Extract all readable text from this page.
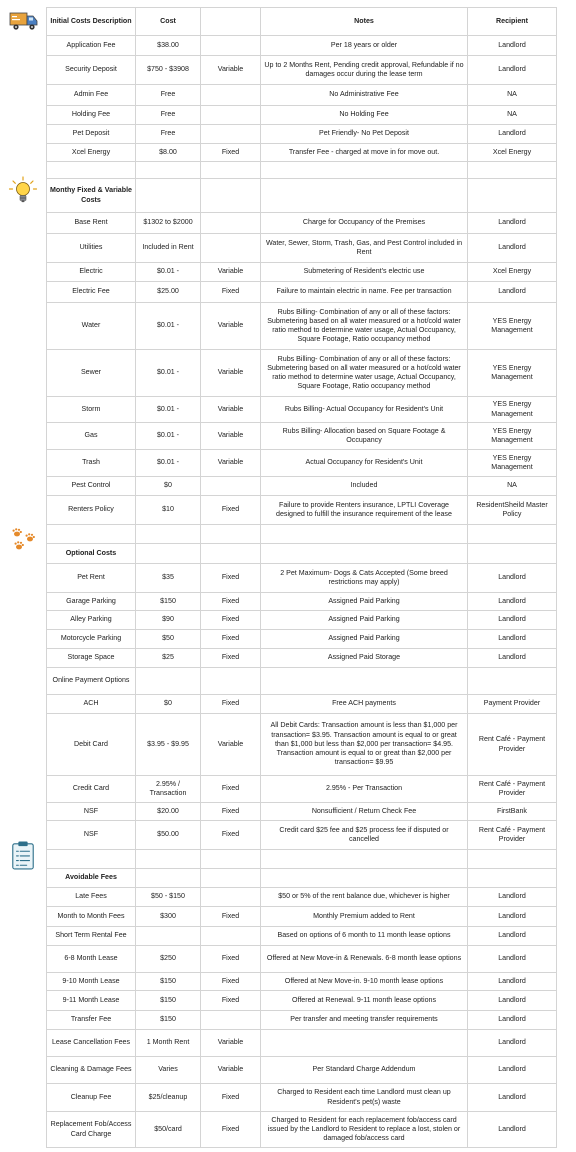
Initial Costs Description	Cost		Notes	Recipient
Application Fee	$38.00		Per 18 years or older	Landlord
Security Deposit	$750 - $3908	Variable	Up to 2 Months Rent, Pending credit approval, Refundable if no damages occur during the lease term	Landlord
Admin Fee	Free		No Administrative Fee	NA
Holding Fee	Free		No Holding Fee	NA
Pet Deposit	Free		Pet Friendly- No Pet Deposit	Landlord
Xcel Energy	$8.00	Fixed	Transfer Fee - charged at move in for move out.	Xcel Energy

Monthy Fixed & Variable Costs				
Base Rent	$1302 to $2000		Charge for Occupancy of the Premises	Landlord
Utilities	Included in Rent		Water, Sewer, Storm, Trash, Gas, and Pest Control included in Rent	Landlord
Electric	$0.01 -	Variable	Submetering of Resident's electric use	Xcel Energy
Electric Fee	$25.00	Fixed	Failure to maintain electric in name. Fee per transaction	Landlord
Water	$0.01 -	Variable	Rubs Billing- Combination of any or all of these factors: Submetering based on all water measured or a hot/cold water ratio method to determine water usage, Actual Occupancy, Square Footage, Ratio occupancy method	YES Energy Management
Sewer	$0.01 -	Variable	Rubs Billing- Combination of any or all of these factors: Submetering based on all water measured or a hot/cold water ratio method to determine water usage, Actual Occupancy, Square Footage, Ratio occupancy method	YES Energy Management
Storm	$0.01 -	Variable	Rubs Billing- Actual Occupancy for Resident's Unit	YES Energy Management
Gas	$0.01 -	Variable	Rubs Billing- Allocation based on Square Footage & Occupancy	YES Energy Management
Trash	$0.01 -	Variable	Actual Occupancy for Resident's Unit	YES Energy Management
Pest Control	$0		Included	NA
Renters Policy	$10	Fixed	Failure to provide Renters insurance, LPTLI Coverage designed to fulfill the insurance requirement of the lease	ResidentSheild Master Policy

Optional Costs				
Pet Rent	$35	Fixed	2 Pet Maximum- Dogs & Cats Accepted (Some breed restrictions may apply)	Landlord
Garage Parking	$150	Fixed	Assigned Paid Parking	Landlord
Alley Parking	$90	Fixed	Assigned Paid Parking	Landlord
Motorcycle Parking	$50	Fixed	Assigned Paid Parking	Landlord
Storage Space	$25	Fixed	Assigned Paid Storage	Landlord
Online Payment Options				
ACH	$0	Fixed	Free ACH payments	Payment Provider
Debit Card	$3.95 - $9.95	Variable	All Debit Cards: Transaction amount is less than $1,000 per transaction= $3.95. Transaction amount is equal to or great than $1,000 but less than $2,000 per transaction= $4.95. Transaction amount is equal to or great than $2,000 per transaction= $9.95	Rent Café - Payment Provider
Credit Card	2.95% / Transaction	Fixed	2.95% - Per Transaction	Rent Café - Payment Provider
NSF	$20.00	Fixed	Nonsufficient / Return Check Fee	FirstBank
NSF	$50.00	Fixed	Credit card $25 fee and $25 process fee if disputed or cancelled	Rent Café - Payment Provider

Avoidable Fees				
Late Fees	$50 - $150		$50 or 5% of the rent balance due, whichever is higher	Landlord
Month to Month Fees	$300	Fixed	Monthly Premium added to Rent	Landlord
Short Term Rental Fee			Based on options of 6 month to 11 month lease options	Landlord
6-8 Month Lease	$250	Fixed	Offered at New Move-in & Renewals. 6-8 month lease options	Landlord
9-10 Month Lease	$150	Fixed	Offered at New Move-in. 9-10 month lease options	Landlord
9-11 Month Lease	$150	Fixed	Offered at Renewal. 9-11 month lease options	Landlord
Transfer Fee	$150		Per transfer and meeting transfer requirements	Landlord
Lease Cancellation Fees	1 Month Rent	Variable		Landlord
Cleaning & Damage Fees	Varies	Variable	Per Standard Charge Addendum	Landlord
Cleanup Fee	$25/cleanup	Fixed	Charged to Resident each time Landlord must clean up Resident's pet(s) waste	Landlord
Replacement Fob/Access Card Charge	$50/card	Fixed	Charged to Resident for each replacement fob/access card issued by the Landlord to Resident to replace a lost, stolen or damaged fob/access card	Landlord
